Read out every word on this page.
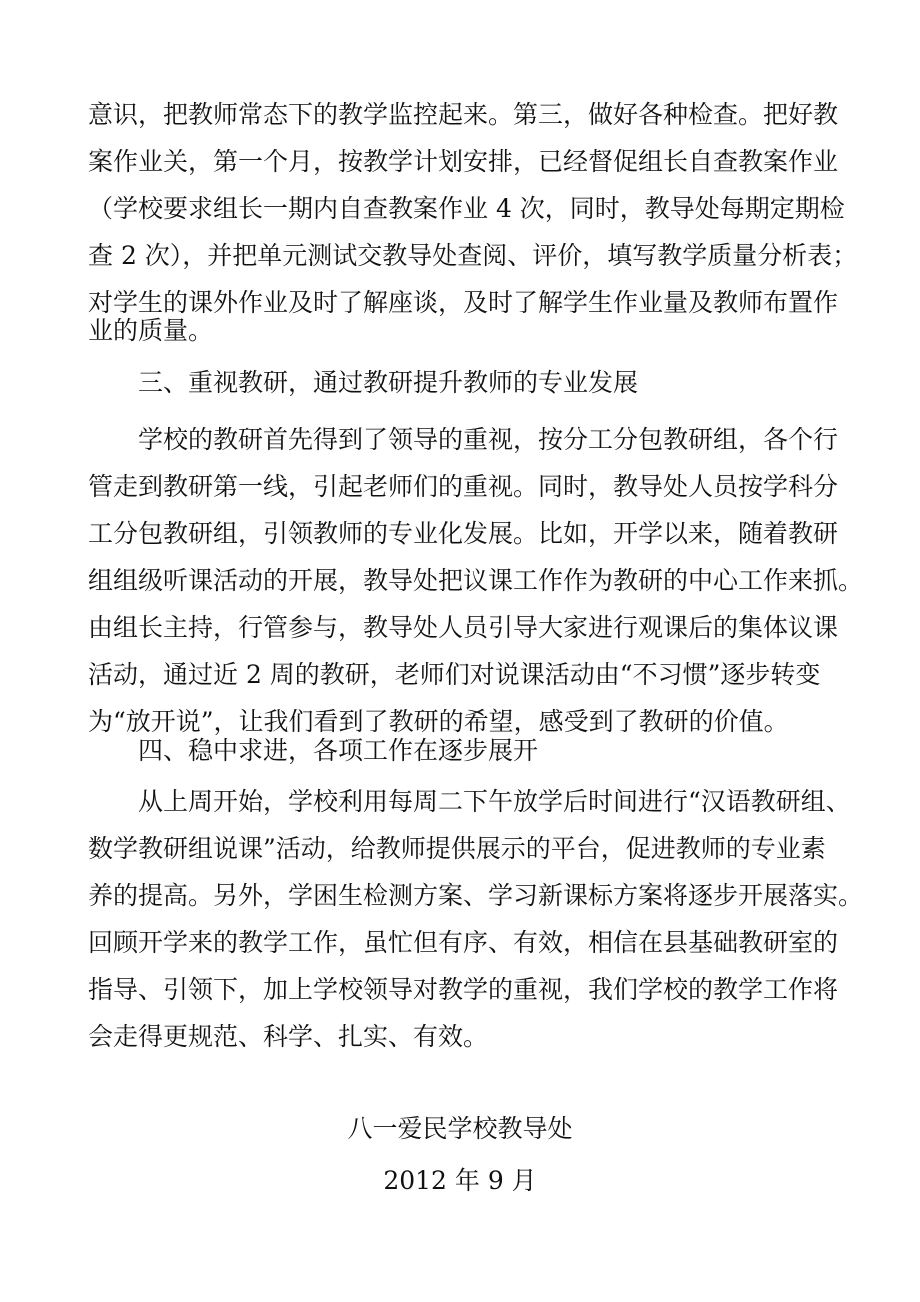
意识，把教师常态下的教学监控起来。第三，做好各种检查。把好教

案作业关，第一个月，按教学计划安排，已经督促组长自查教案作业

（学校要求组长一期内自查教案作业 4 次，同时，教导处每期定期检

查 2 次），并把单元测试交教导处查阅、评价，填写教学质量分析表；

对学生的课外作业及时了解座谈，及时了解学生作业量及教师布置作

业的质量。

三、重视教研，通过教研提升教师的专业发展

学校的教研首先得到了领导的重视，按分工分包教研组，各个行

管走到教研第一线，引起老师们的重视。同时，教导处人员按学科分

工分包教研组，引领教师的专业化发展。比如，开学以来，随着教研

组组级听课活动的开展，教导处把议课工作作为教研的中心工作来抓。

由组长主持，行管参与，教导处人员引导大家进行观课后的集体议课

活动，通过近 2 周的教研，老师们对说课活动由“不习惯”逐步转变

为“放开说”，让我们看到了教研的希望，感受到了教研的价值。

四、稳中求进，各项工作在逐步展开

从上周开始，学校利用每周二下午放学后时间进行“汉语教研组、

数学教研组说课”活动，给教师提供展示的平台，促进教师的专业素

养的提高。另外，学困生检测方案、学习新课标方案将逐步开展落实。

回顾开学来的教学工作，虽忙但有序、有效，相信在县基础教研室的

指导、引领下，加上学校领导对教学的重视，我们学校的教学工作将

会走得更规范、科学、扎实、有效。

八一爱民学校教导处

2012 年 9 月
